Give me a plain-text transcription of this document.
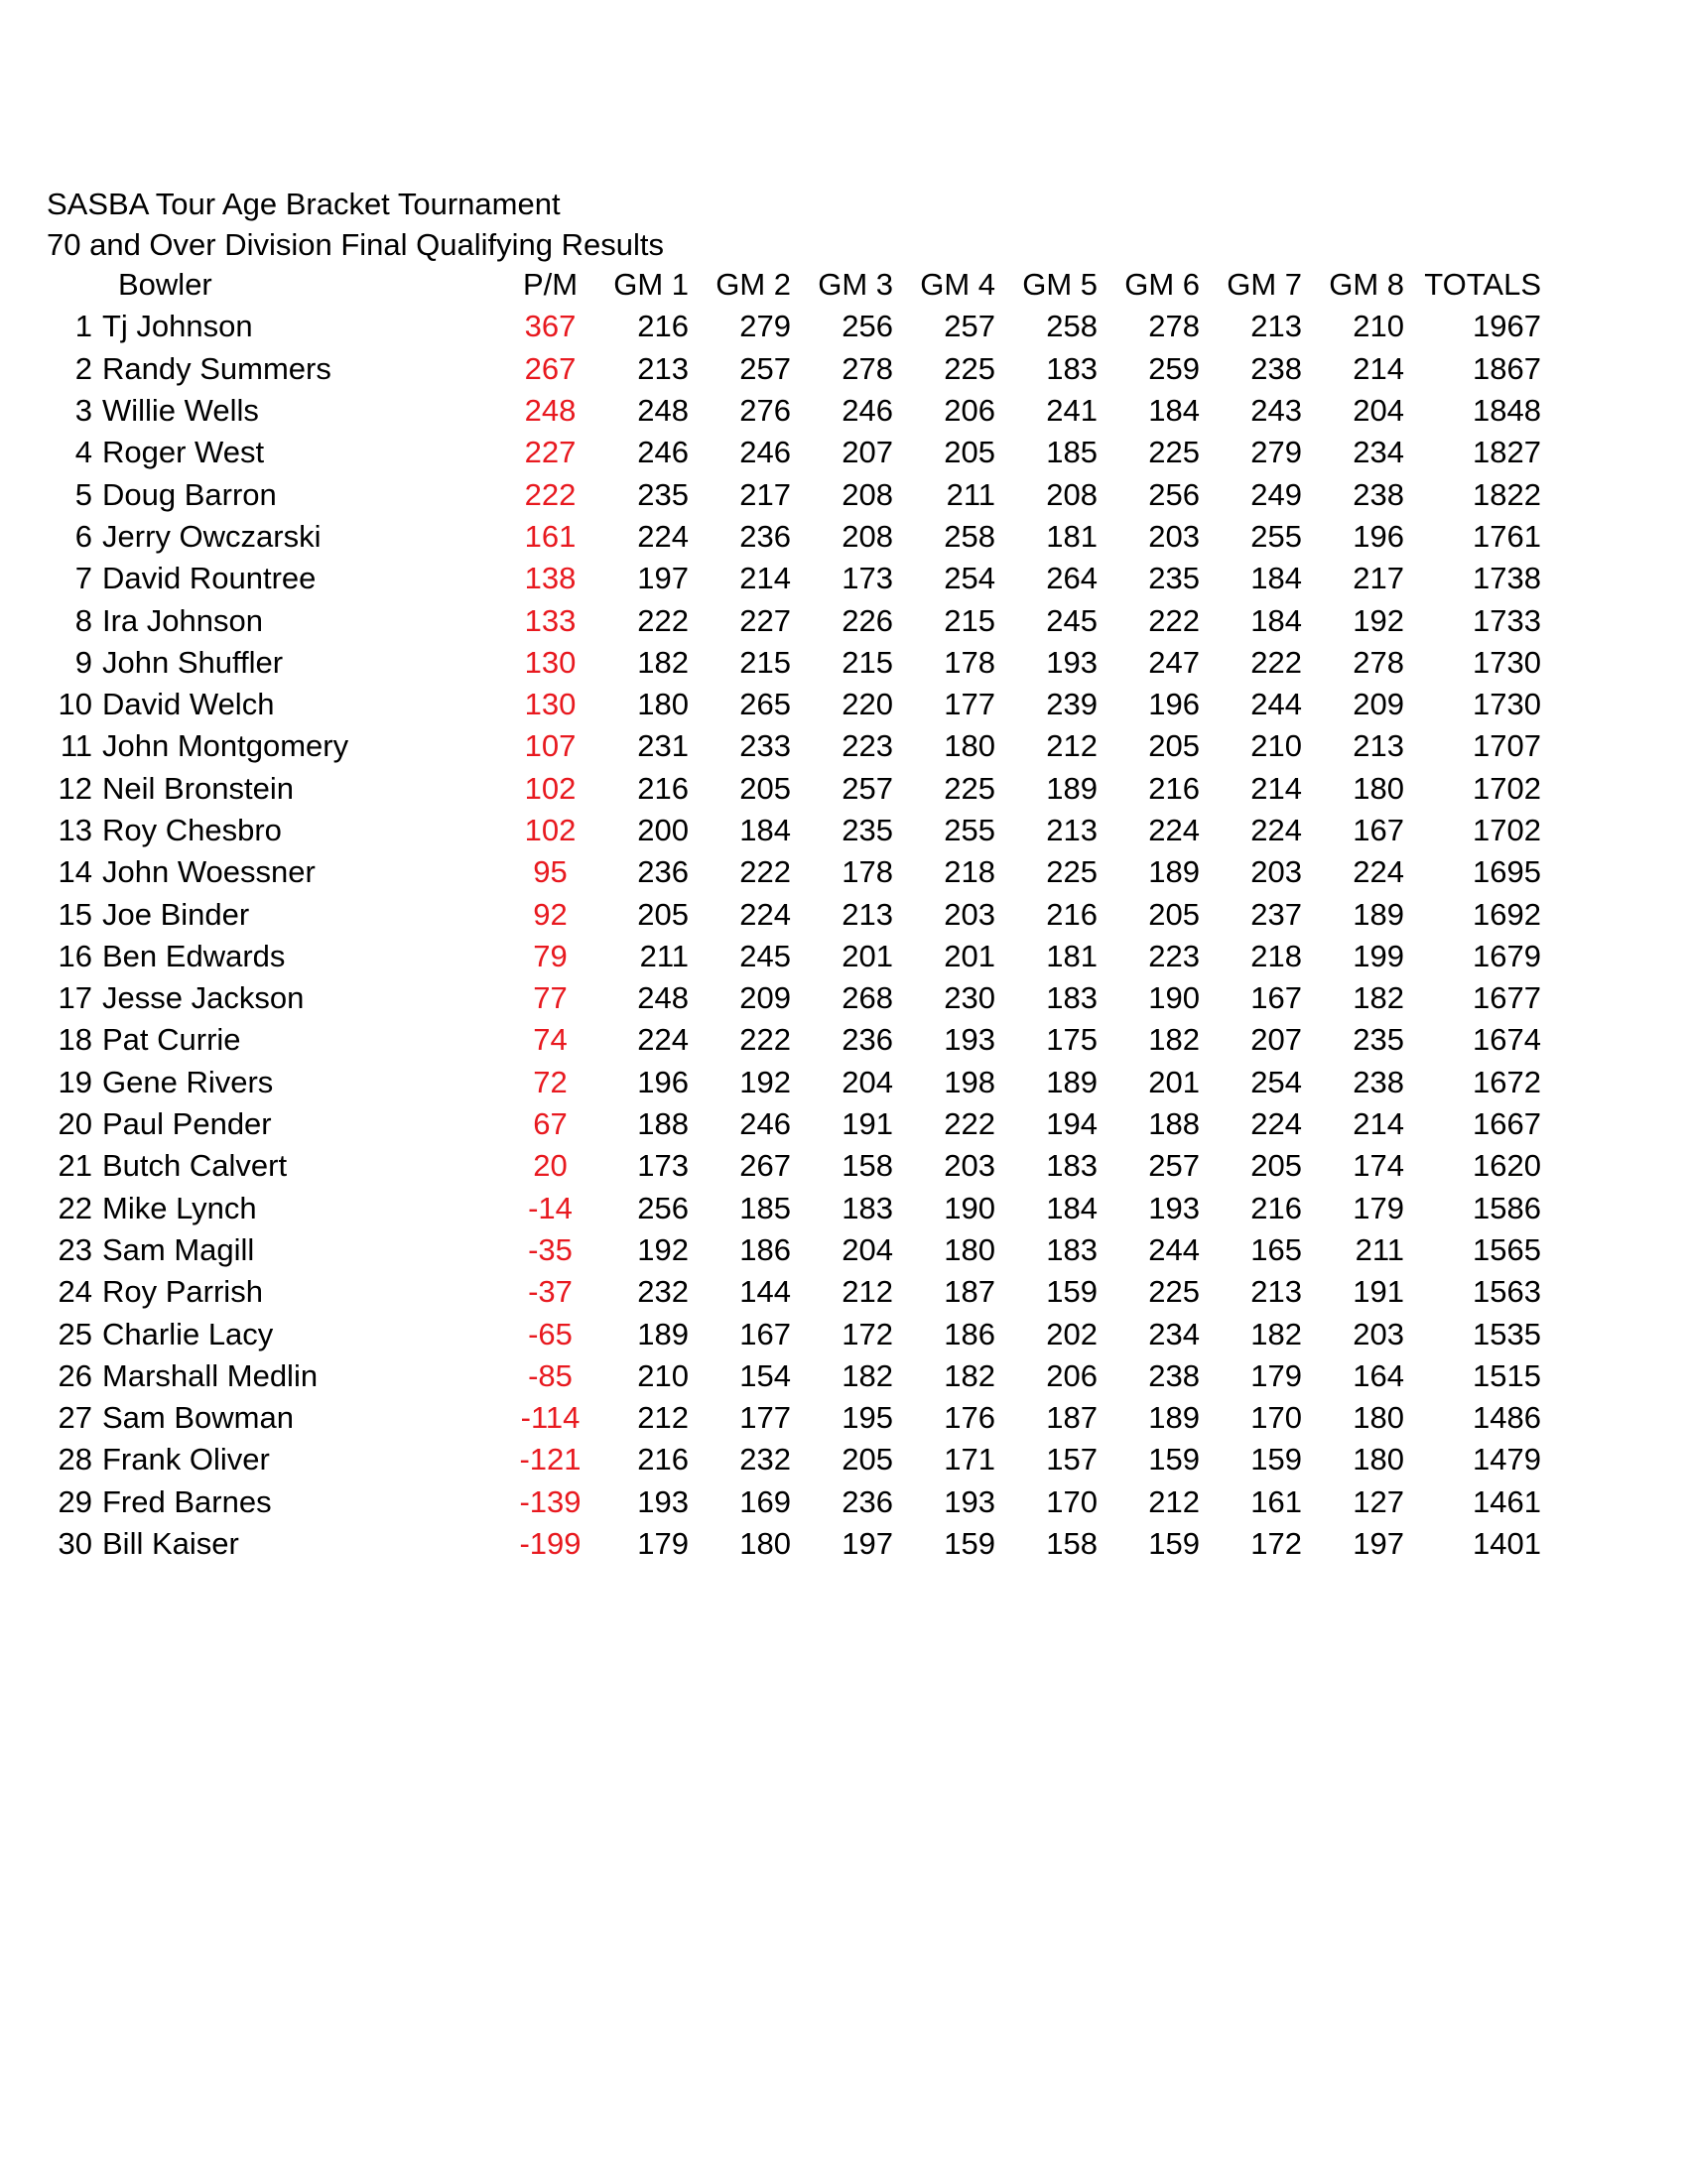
SASBA Tour Age Bracket Tournament
70 and Over Division Final Qualifying Results
	Bowler	P/M	GM 1	GM 2	GM 3	GM 4	GM 5	GM 6	GM 7	GM 8	TOTALS
1	Tj Johnson	367	216	279	256	257	258	278	213	210	1967
2	Randy Summers	267	213	257	278	225	183	259	238	214	1867
3	Willie Wells	248	248	276	246	206	241	184	243	204	1848
4	Roger West	227	246	246	207	205	185	225	279	234	1827
5	Doug Barron	222	235	217	208	211	208	256	249	238	1822
6	Jerry Owczarski	161	224	236	208	258	181	203	255	196	1761
7	David Rountree	138	197	214	173	254	264	235	184	217	1738
8	Ira Johnson	133	222	227	226	215	245	222	184	192	1733
9	John Shuffler	130	182	215	215	178	193	247	222	278	1730
10	David Welch	130	180	265	220	177	239	196	244	209	1730
11	John Montgomery	107	231	233	223	180	212	205	210	213	1707
12	Neil Bronstein	102	216	205	257	225	189	216	214	180	1702
13	Roy Chesbro	102	200	184	235	255	213	224	224	167	1702
14	John Woessner	95	236	222	178	218	225	189	203	224	1695
15	Joe Binder	92	205	224	213	203	216	205	237	189	1692
16	Ben Edwards	79	211	245	201	201	181	223	218	199	1679
17	Jesse Jackson	77	248	209	268	230	183	190	167	182	1677
18	Pat Currie	74	224	222	236	193	175	182	207	235	1674
19	Gene Rivers	72	196	192	204	198	189	201	254	238	1672
20	Paul Pender	67	188	246	191	222	194	188	224	214	1667
21	Butch Calvert	20	173	267	158	203	183	257	205	174	1620
22	Mike Lynch	-14	256	185	183	190	184	193	216	179	1586
23	Sam Magill	-35	192	186	204	180	183	244	165	211	1565
24	Roy Parrish	-37	232	144	212	187	159	225	213	191	1563
25	Charlie Lacy	-65	189	167	172	186	202	234	182	203	1535
26	Marshall Medlin	-85	210	154	182	182	206	238	179	164	1515
27	Sam Bowman	-114	212	177	195	176	187	189	170	180	1486
28	Frank Oliver	-121	216	232	205	171	157	159	159	180	1479
29	Fred Barnes	-139	193	169	236	193	170	212	161	127	1461
30	Bill Kaiser	-199	179	180	197	159	158	159	172	197	1401
